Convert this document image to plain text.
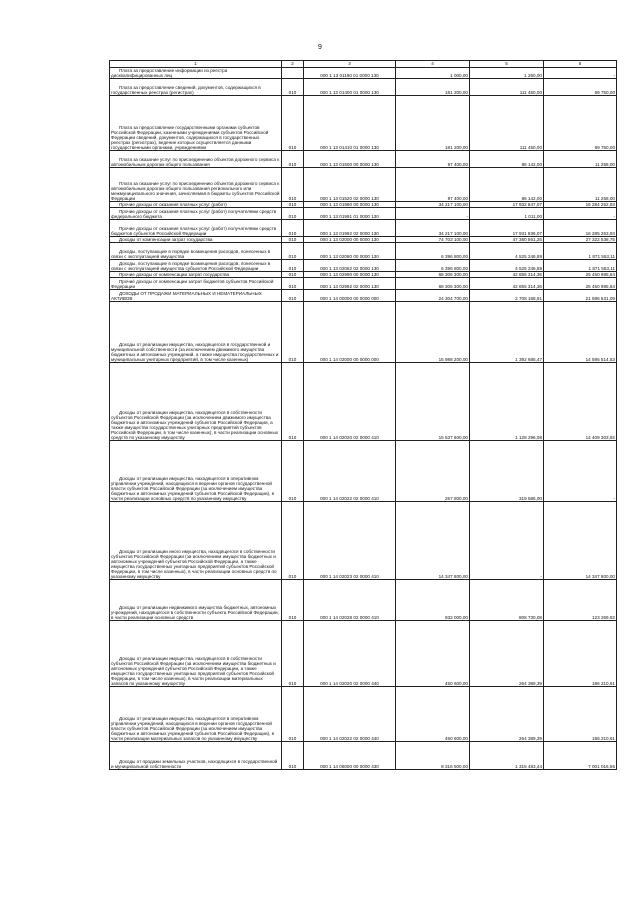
9
1	2	3	4	5	6
Плата за предоставление информации из реестра дисквалифицированных лиц		000 1 13 01190 01 0000 130	1 000,00	1 250,00	-
Плата за предоставление сведений, документов, содержащихся в государственных реестрах (регистрах)	010	000 1 13 01400 01 0000 130	181 200,00	111 450,00	69 750,00
Плата за предоставление государственными органами субъектов Российской Федерации, казенными учреждениями субъектов Российской Федерации сведений, документов, содержащихся в государственных реестрах (регистрах), ведение которых осуществляется данными государственными органами, учреждениями	010	000 1 13 01410 01 0000 130	181 200,00	111 450,00	69 750,00
Плата за оказание услуг по присоединению объектов дорожного сервиса к автомобильным дорогам общего пользования	010	000 1 13 01500 00 0000 130	97 400,00	86 142,00	11 258,00
Плата за оказание услуг по присоединению объектов дорожного сервиса к автомобильным дорогам общего пользования регионального или межмуниципального значения, зачисляемая в бюджеты субъектов Российской Федерации	010	000 1 13 01520 02 0000 130	97 400,00	86 142,00	11 258,00
Прочие доходы от оказания платных услуг (работ)	010	000 1 13 01990 00 0000 130	34 217 100,00	17 932 847,07	16 284 252,93
Прочие доходы от оказания платных услуг (работ) получателями средств федерального бюджета	010	000 1 13 01991 01 0000 130	-	1 011,00	-
Прочие доходы от оказания платных услуг (работ) получателями средств бюджетов субъектов Российской Федерации	010	000 1 13 01992 02 0000 130	34 217 100,00	17 931 836,07	16 285 263,93
Доходы от компенсации затрат государства	010	000 1 13 02000 00 0000 130	74 703 100,00	47 380 561,25	27 322 538,75
Доходы, поступающие в порядке возмещения расходов, понесенных в связи с эксплуатацией имущества	010	000 1 13 02060 00 0000 130	6 396 800,00	4 525 246,89	1 871 553,11
Доходы, поступающие в порядке возмещения расходов, понесенных в связи с эксплуатацией имущества субъектов Российской Федерации	010	000 1 13 02062 02 0000 130	6 396 800,00	4 525 246,89	1 871 553,11
Прочие доходы от компенсации затрат государства	010	000 1 13 02990 00 0000 130	68 306 300,00	42 855 314,36	25 450 985,64
Прочие доходы от компенсации затрат бюджетов субъектов Российской Федерации	010	000 1 13 02992 02 0000 130	68 306 300,00	42 855 314,36	25 450 985,64
ДОХОДЫ ОТ ПРОДАЖИ МАТЕРИАЛЬНЫХ И НЕМАТЕРИАЛЬНЫХ АКТИВОВ	010	000 1 14 00000 00 0000 000	24 304 700,00	2 708 168,91	21 596 531,09
Доходы от реализации имущества, находящегося в государственной и муниципальной собственности (за исключением движимого имущества бюджетных и автономных учреждений, а также имущества государственных и муниципальных унитарных предприятий, в том числе казенных)	010	000 1 14 02000 00 0000 000	15 988 200,00	1 392 685,47	14 595 514,53
Доходы от реализации имущества, находящегося в собственности субъектов Российской Федерации (за исключением движимого имущества бюджетных и автономных учреждений субъектов Российской Федерации, а также имущества государственных унитарных предприятий субъектов Российской Федерации, в том числе казенных), в части реализации основных средств по указанному имуществу	010	000 1 14 02020 02 0000 410	15 537 600,00	1 128 296,08	14 409 303,92
Доходы от реализации имущества, находящегося в оперативном управлении учреждений, находящихся в ведении органов государственной власти субъектов Российской Федерации (за исключением имущества бюджетных и автономных учреждений субъектов Российской Федерации), в части реализации основных средств по указанному имуществу	010	000 1 14 02022 02 0000 410	257 800,00	319 586,00	-
Доходы от реализации иного имущества, находящегося в собственности субъектов Российской Федерации (за исключением имущества бюджетных и автономных учреждений субъектов Российской Федерации, а также имущества государственных унитарных предприятий субъектов Российской Федерации, в том числе казенных), в части реализации основных средств по указанному имуществу	010	000 1 14 02023 02 0000 410	14 347 800,00	-	14 347 800,00
Доходы от реализации недвижимого имущества бюджетных, автономных учреждений, находящегося в собственности субъекта Российской Федерации, в части реализации основных средств	010	000 1 14 02028 02 0000 410	932 000,00	808 730,08	123 269,92
Доходы от реализации имущества, находящегося в собственности субъектов Российской Федерации (за исключением имущества бюджетных и автономных учреждений субъектов Российской Федерации, а также имущества государственных унитарных предприятий субъектов Российской Федерации, в том числе казенных), в части реализации материальных запасов по указанному имуществу	010	000 1 14 02020 02 0000 440	450 600,00	264 389,39	186 210,61
Доходы от реализации имущества, находящегося в оперативном управлении учреждений, находящихся в ведении органов государственной власти субъектов Российской Федерации (за исключением имущества бюджетных и автономных учреждений субъектов Российской Федерации), в части реализации материальных запасов по указанному имуществу	010	000 1 14 02022 02 0000 440	450 600,00	264 389,39	186 210,61
Доходы от продажи земельных участков, находящихся в государственной и муниципальной собственности	010	000 1 14 06000 00 0000 430	8 316 500,00	1 315 483,44	7 001 016,56
